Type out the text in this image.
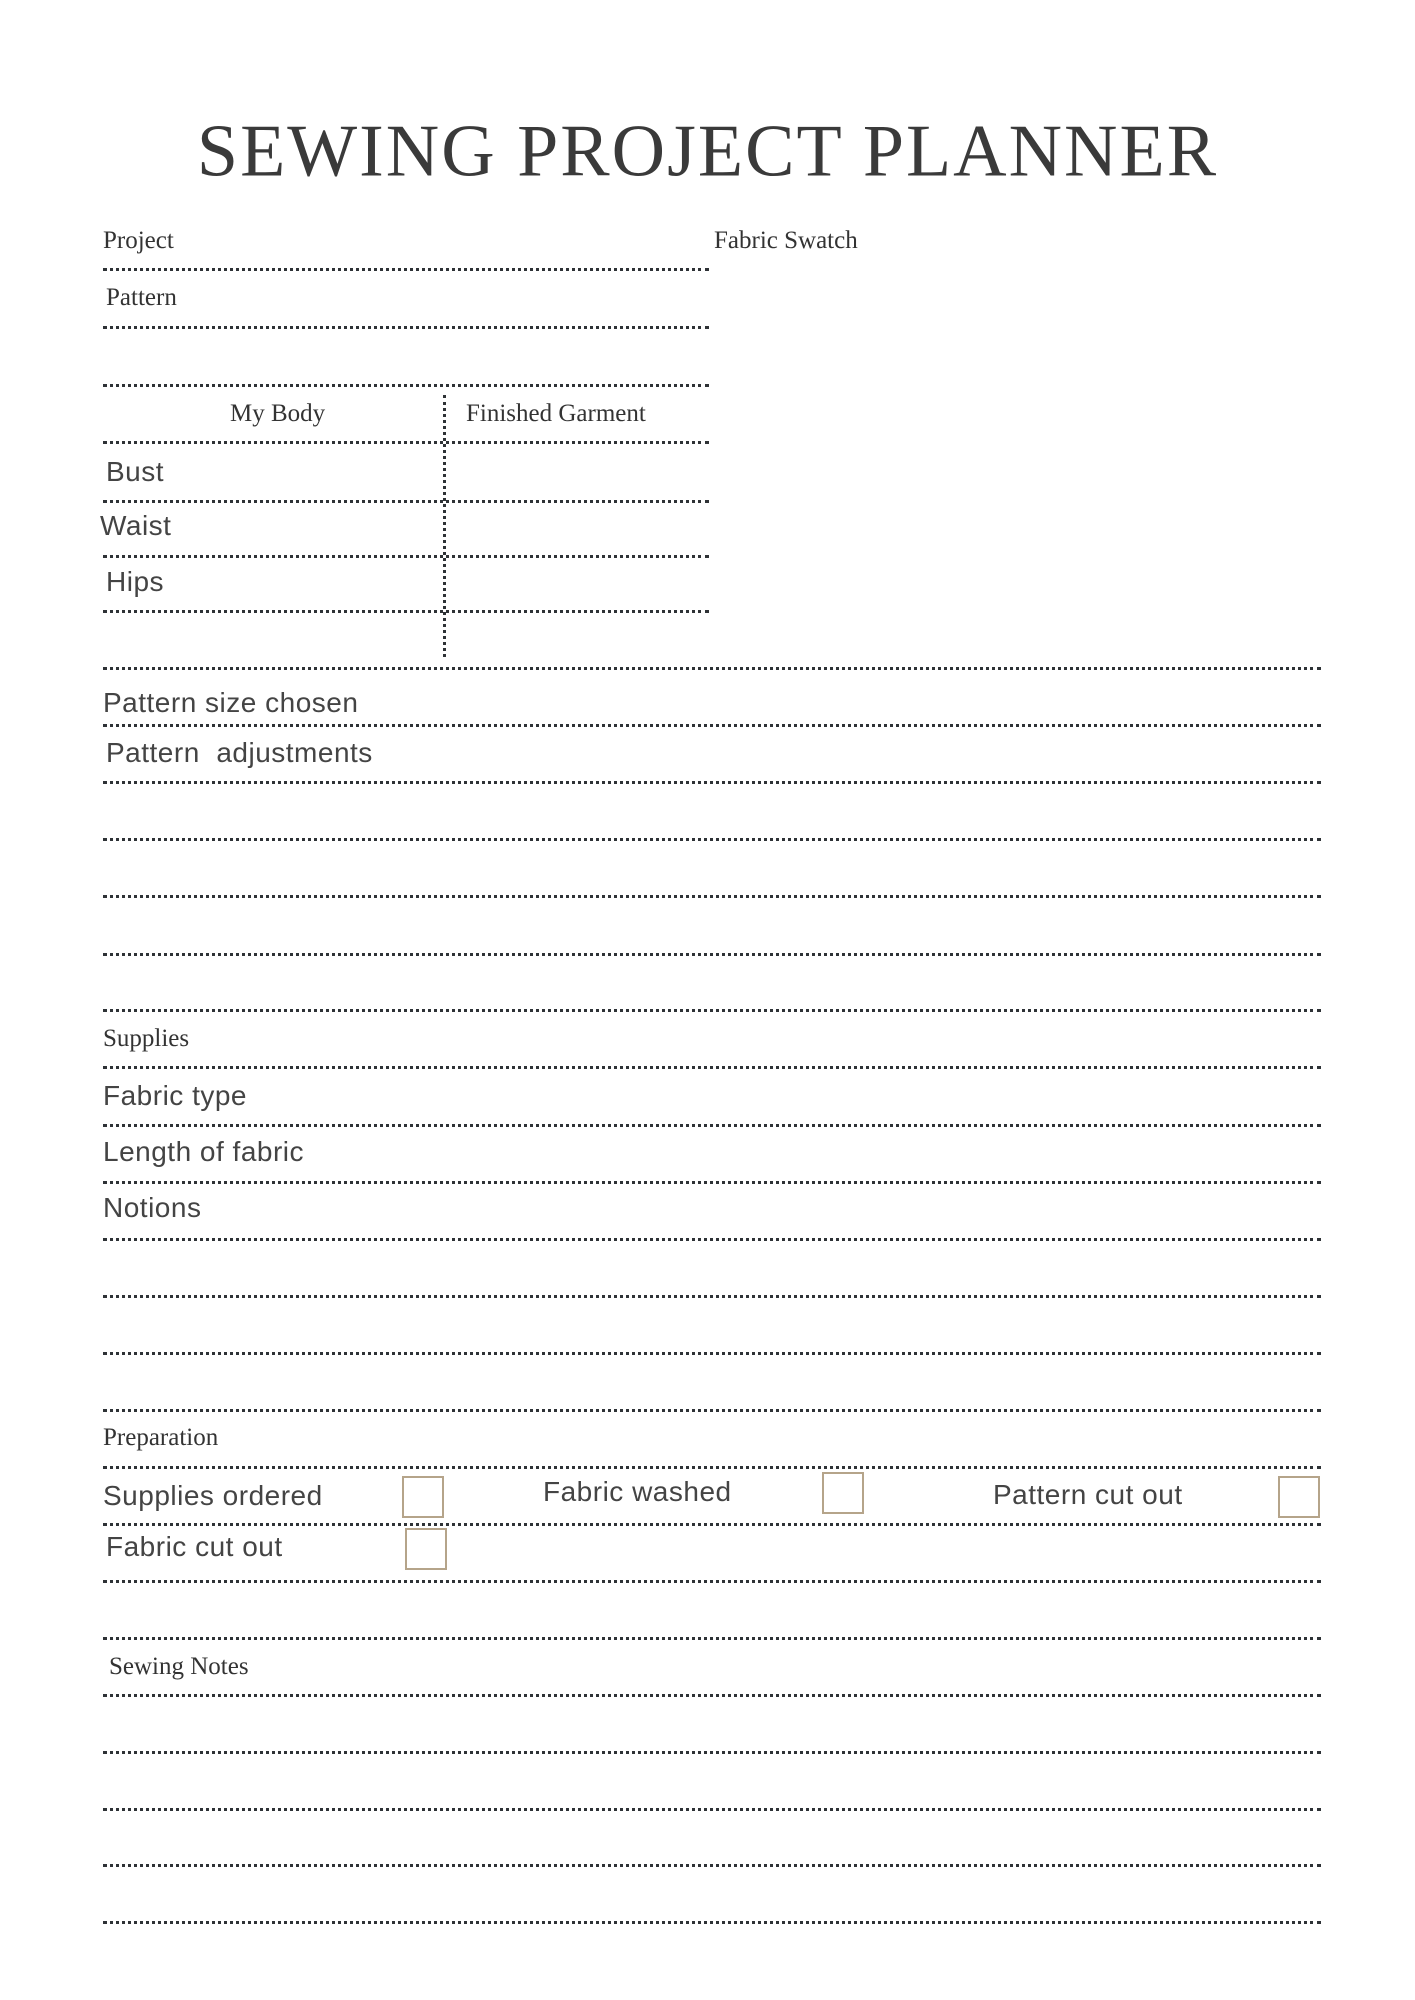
SEWING PROJECT PLANNER
Project	Fabric Swatch
Pattern
My Body	Finished Garment
Bust
Waist
Hips
Pattern size chosen
Pattern  adjustments
Supplies
Fabric type
Length of fabric
Notions
Preparation
Supplies ordered	Fabric washed	Pattern cut out
Fabric cut out
Sewing Notes
